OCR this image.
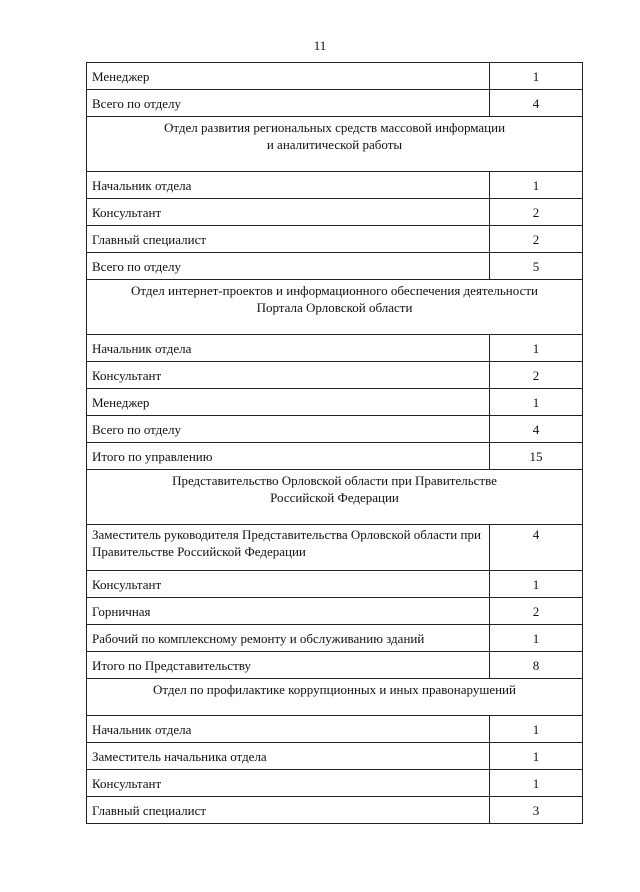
11
Менеджер	1
Всего по отделу	4

Отдел развития региональных средств массовой информации
и аналитической работы	

Начальник отдела	1
Консультант	2
Главный специалист	2
Всего по отделу	5

Отдел интернет-проектов и информационного обеспечения деятельности
Портала Орловской области	

Начальник отдела	1
Консультант	2
Менеджер	1
Всего по отделу	4
Итого по управлению	15

Представительство Орловской области при Правительстве
Российской Федерации	

Заместитель руководителя Представительства Орловской области при Правительстве Российской Федерации	4
Консультант	1
Горничная	2
Рабочий по комплексному ремонту и обслуживанию зданий	1
Итого по Представительству	8

Отдел по профилактике коррупционных и иных правонарушений	

Начальник отдела	1
Заместитель начальника отдела	1
Консультант	1
Главный специалист	3
